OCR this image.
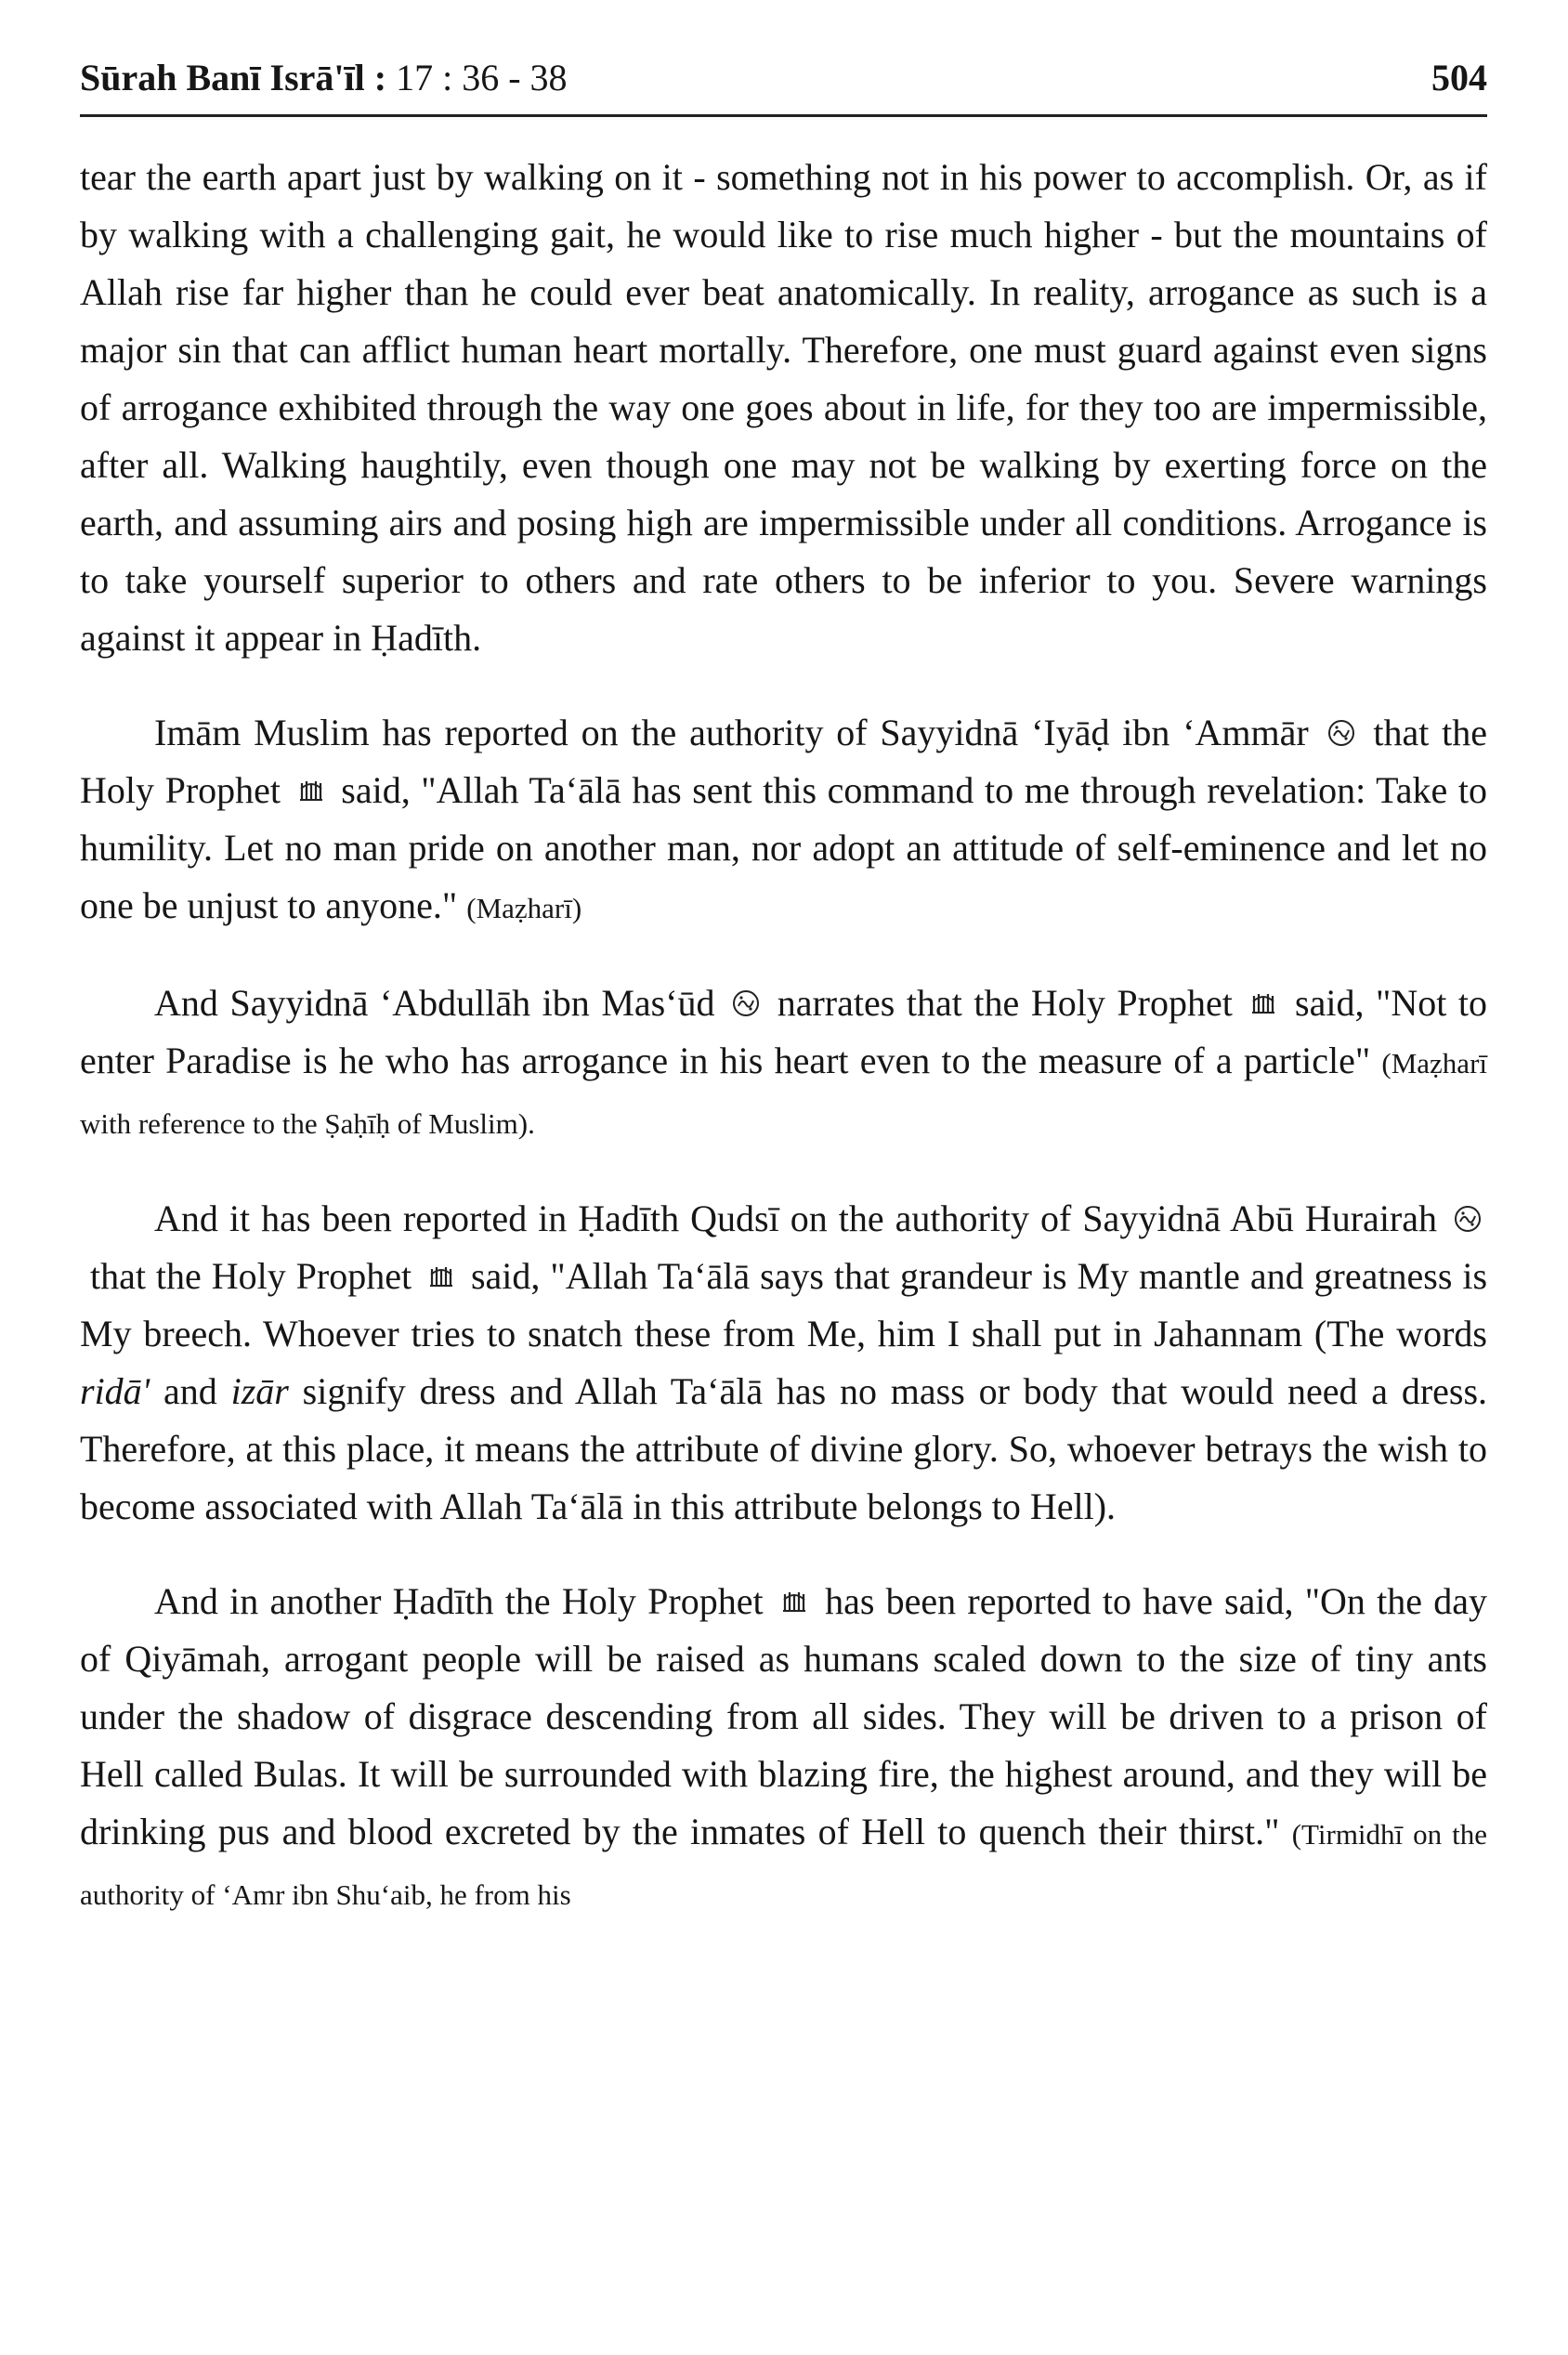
Sūrah Banī Isrā'īl : 17 : 36 - 38	504

tear the earth apart just by walking on it - something not in his power to accomplish. Or, as if by walking with a challenging gait, he would like to rise much higher - but the mountains of Allah rise far higher than he could ever beat anatomically. In reality, arrogance as such is a major sin that can afflict human heart mortally. Therefore, one must guard against even signs of arrogance exhibited through the way one goes about in life, for they too are impermissible, after all. Walking haughtily, even though one may not be walking by exerting force on the earth, and assuming airs and posing high are impermissible under all conditions. Arrogance is to take yourself superior to others and rate others to be inferior to you. Severe warnings against it appear in Ḥadīth.

Imām Muslim has reported on the authority of Sayyidnā ‘Iyāḍ ibn ‘Ammār that the Holy Prophet said, "Allah Ta‘ālā has sent this command to me through revelation: Take to humility. Let no man pride on another man, nor adopt an attitude of self-eminence and let no one be unjust to anyone." (Maẓharī)

And Sayyidnā ‘Abdullāh ibn Mas‘ūd narrates that the Holy Prophet said, "Not to enter Paradise is he who has arrogance in his heart even to the measure of a particle" (Maẓharī with reference to the Ṣaḥīḥ of Muslim).

And it has been reported in Ḥadīth Qudsī on the authority of Sayyidnā Abū Hurairah
that the Holy Prophet said, "Allah Ta‘ālā says that grandeur is My mantle and greatness is My breech. Whoever tries to snatch these from Me, him I shall put in Jahannam (The words ridā' and izār signify dress and Allah Ta‘ālā has no mass or body that would need a dress. Therefore, at this place, it means the attribute of divine glory. So, whoever betrays the wish to become associated with Allah Ta‘ālā in this attribute belongs to Hell).

And in another Ḥadīth the Holy Prophet has been reported to have said, "On the day of Qiyāmah, arrogant people will be raised as humans scaled down to the size of tiny ants under the shadow of disgrace descending from all sides. They will be driven to a prison of Hell called Bulas. It will be surrounded with blazing fire, the highest around, and they will be drinking pus and blood excreted by the inmates of Hell to quench their thirst." (Tirmidhī on the authority of ‘Amr ibn Shu‘aib, he from his
